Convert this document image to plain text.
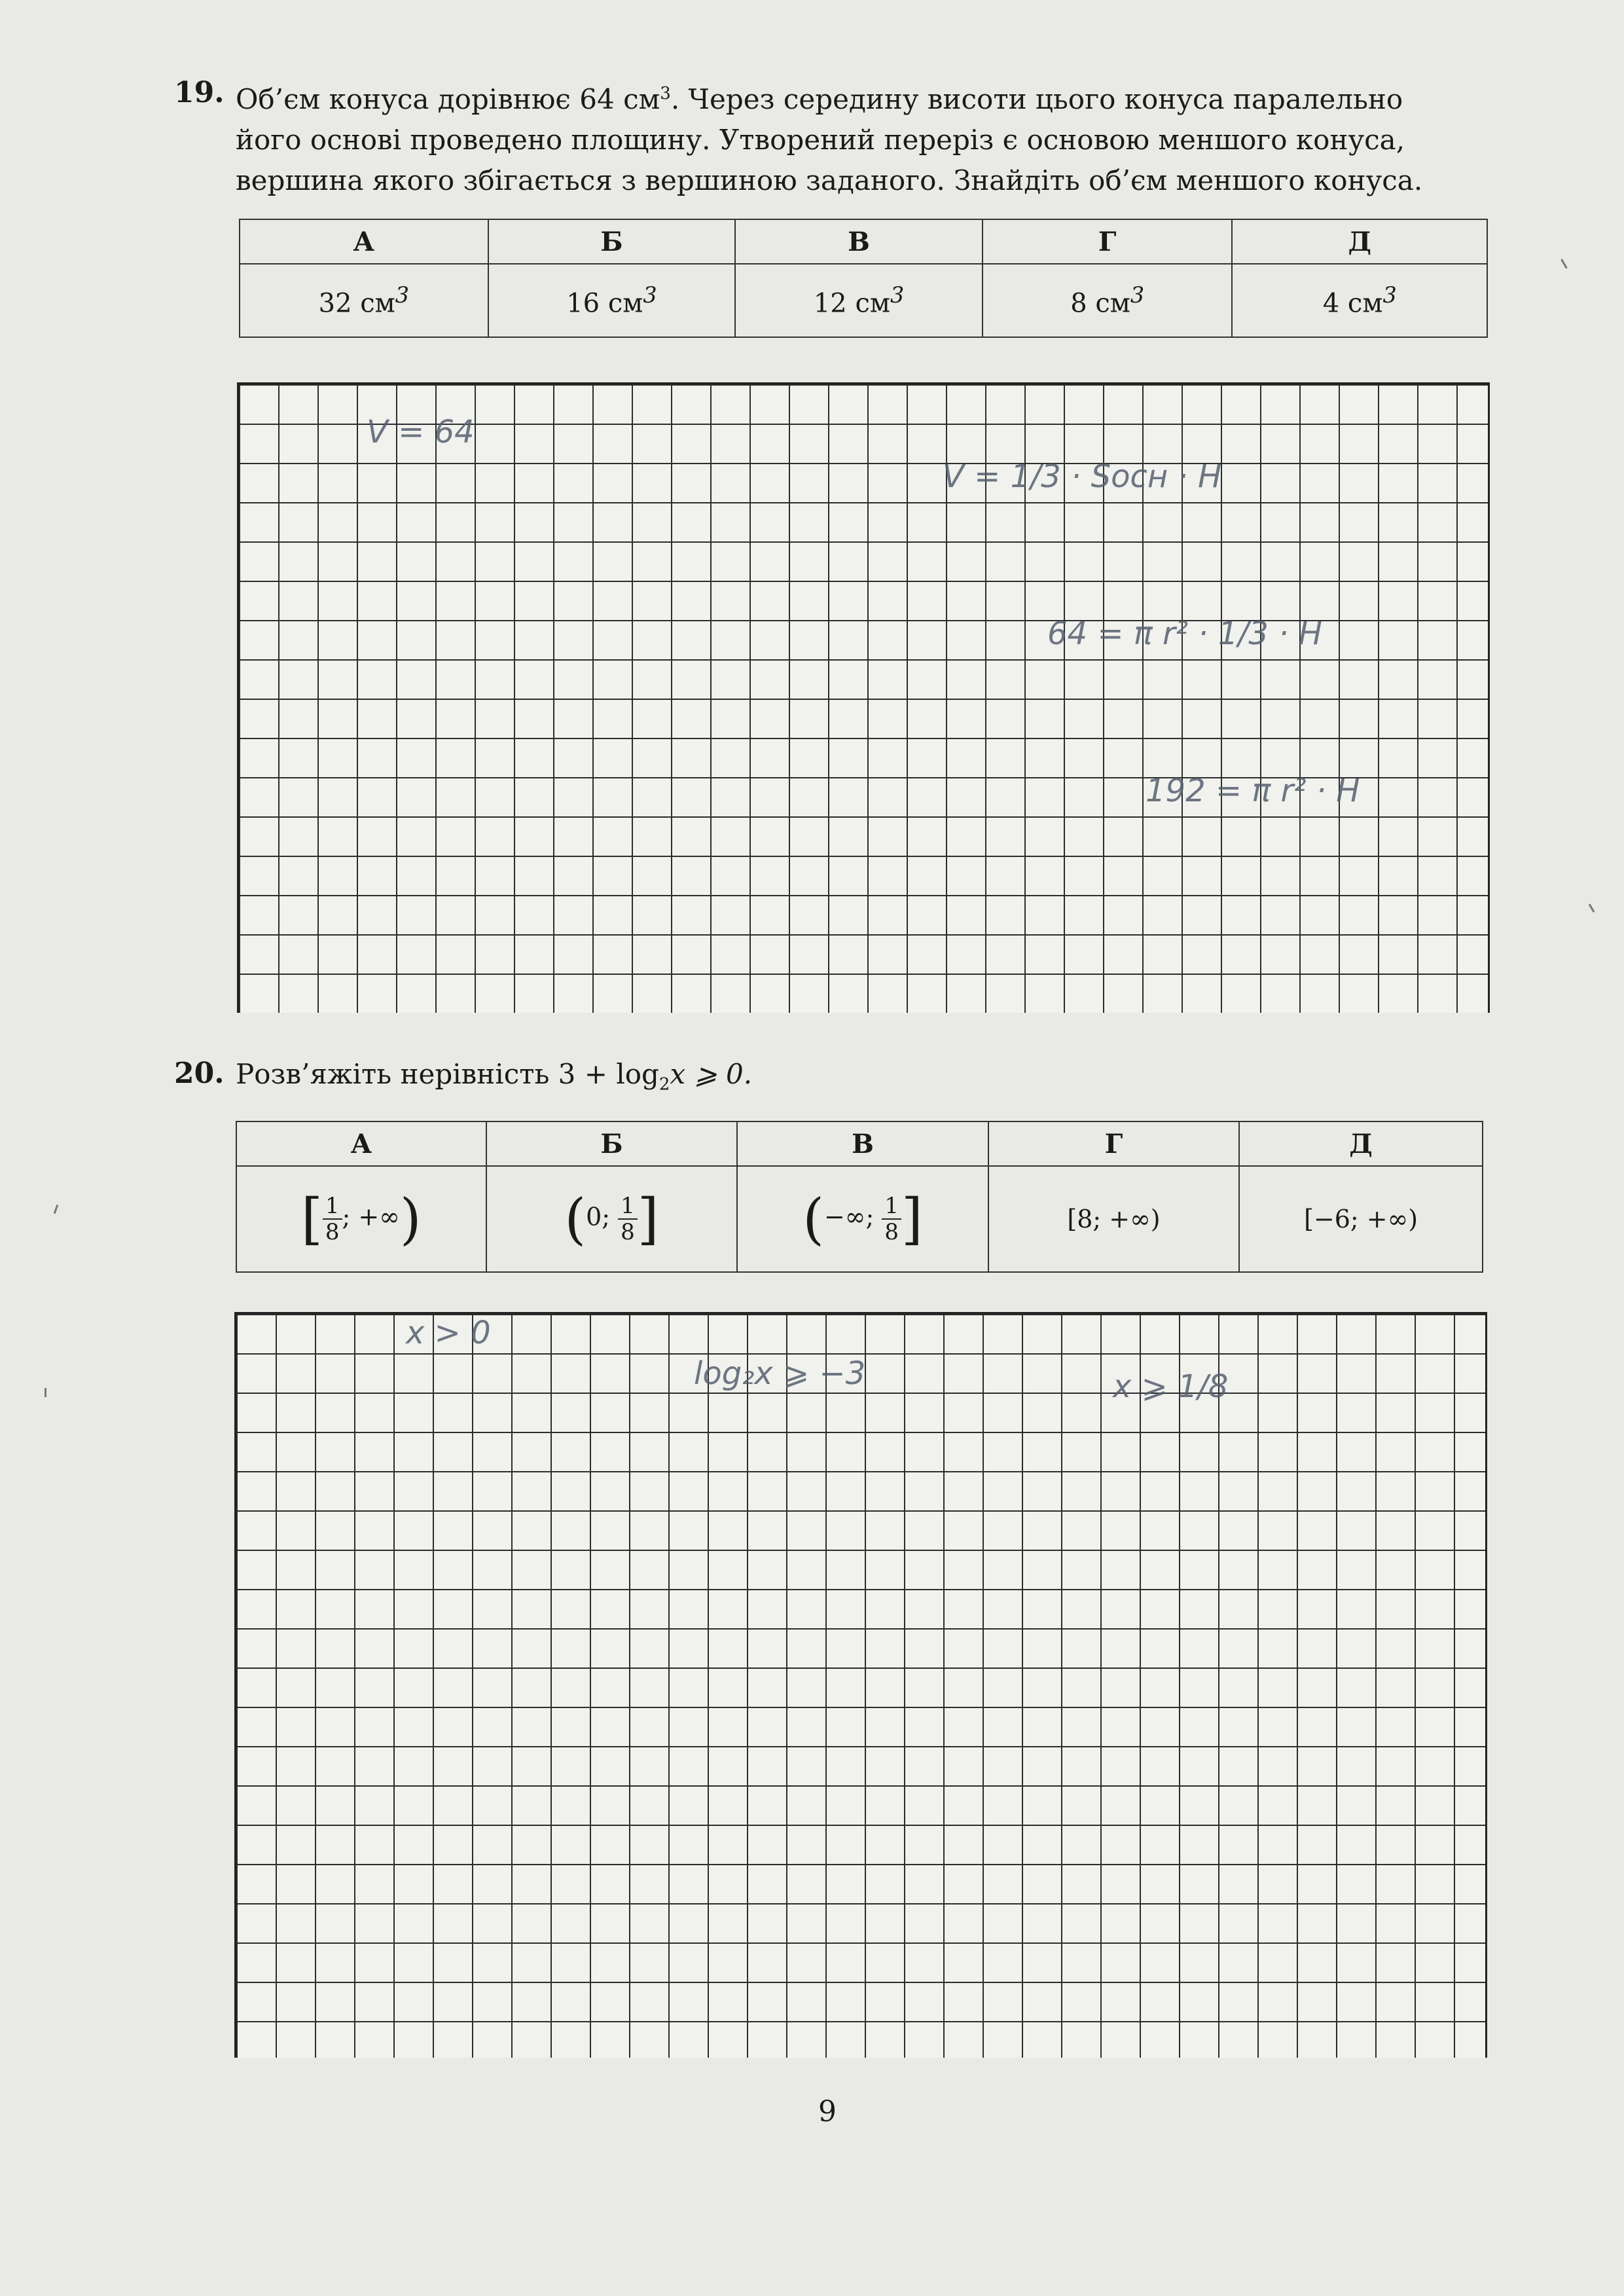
19. Об’єм конуса дорівнює 64 $см^3$. Через середину висоти цього конуса паралельно
його основі проведено площину. Утворений переріз є основою меншого конуса,
вершина якого збігається з вершиною заданого. Знайдіть об’єм меншого конуса.
А	Б	В	Г	Д
32 $см^3$	16 $см^3$	12 $см^3$	8 $см^3$	4 $см^3$
V = 64
V = 1/3 · Sосн · H
64 = π r² · 1/3 · H
192 = π r² · H
20. Розв’яжіть нерівність $3 + \log_2x$ ⩾ 0.
А	Б	В	Г	Д
[ $\frac{1}{8}$ ; +∞)	(0; $\frac{1}{8}$ ]	(−∞; $\frac{1}{8}$ ]	[8; +∞)	[−6; +∞)
x > 0
log₂x ⩾ −3	x ⩾ 1/8
9
